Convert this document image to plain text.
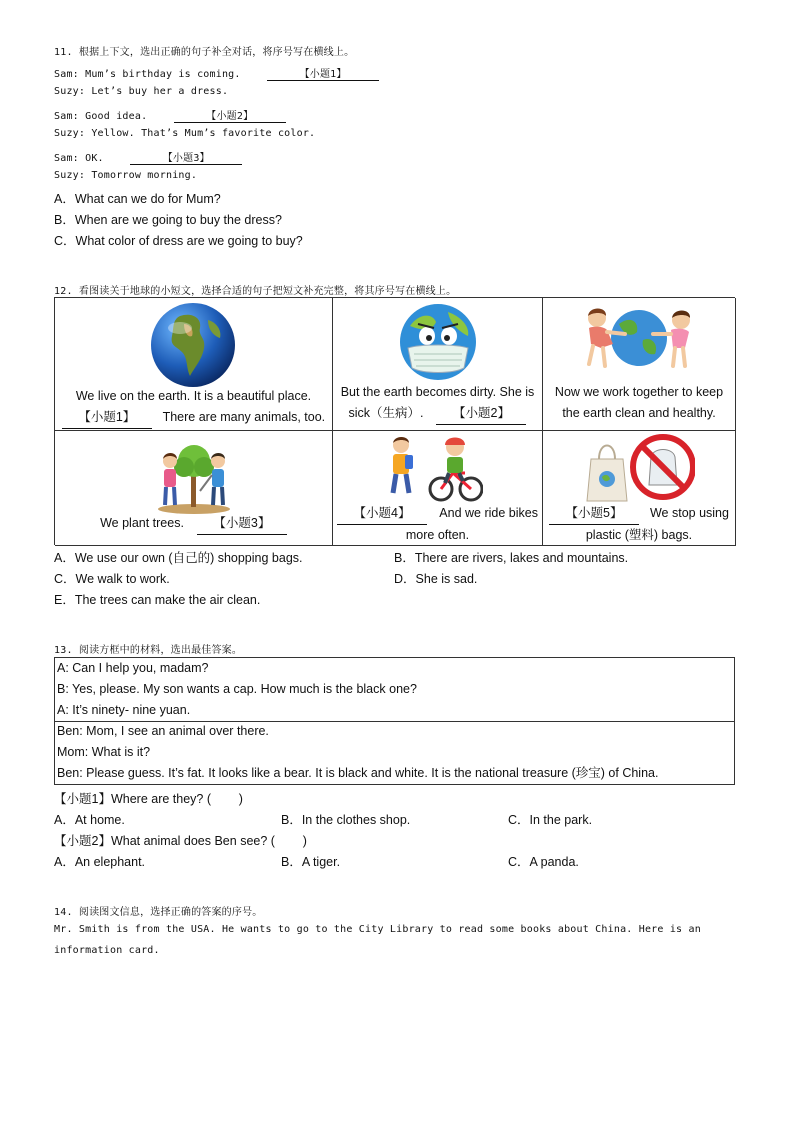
11. 根据上下文，选出正确的句子补全对话，将序号写在横线上。
Sam: Mum’s birthday is coming.	【小题1】
Suzy: Let’s buy her a dress.
Sam: Good idea.	【小题2】
Suzy: Yellow. That’s Mum’s favorite color.
Sam: OK.	【小题3】
Suzy: Tomorrow morning.
A．What can we do for Mum?
B．When are we going to buy the dress?
C．What color of dress are we going to buy?
12. 看图读关于地球的小短文，选择合适的句子把短文补充完整，将其序号写在横线上。
We live on the earth. It is a beautiful place.
【小题1】 There are many animals, too.
But the earth becomes dirty. She is sick（生病）. 【小题2】
Now we work together to keep the earth clean and healthy.
We plant trees. 【小题3】
【小题4】 And we ride bikes more often.
【小题5】 We stop using plastic (塑料) bags.
A．We use our own (自己的) shopping bags.	B．There are rivers, lakes and mountains.
C．We walk to work.	D．She is sad.
E．The trees can make the air clean.
13. 阅读方框中的材料，选出最佳答案。
A: Can I help you, madam?
B: Yes, please. My son wants a cap. How much is the black one?
A: It’s ninety- nine yuan.
Ben: Mom, I see an animal over there.
Mom: What is it?
Ben: Please guess. It’s fat. It looks like a bear. It is black and white. It is the national treasure (珍宝) of China.
【小题1】Where are they? (        )
A．At home.	B．In the clothes shop.	C．In the park.
【小题2】What animal does Ben see? (        )
A．An elephant.	B．A tiger.	C．A panda.
14. 阅读图文信息，选择正确的答案的序号。
Mr. Smith is from the USA. He wants to go to the City Library to read some books about China. Here is an
information card.
